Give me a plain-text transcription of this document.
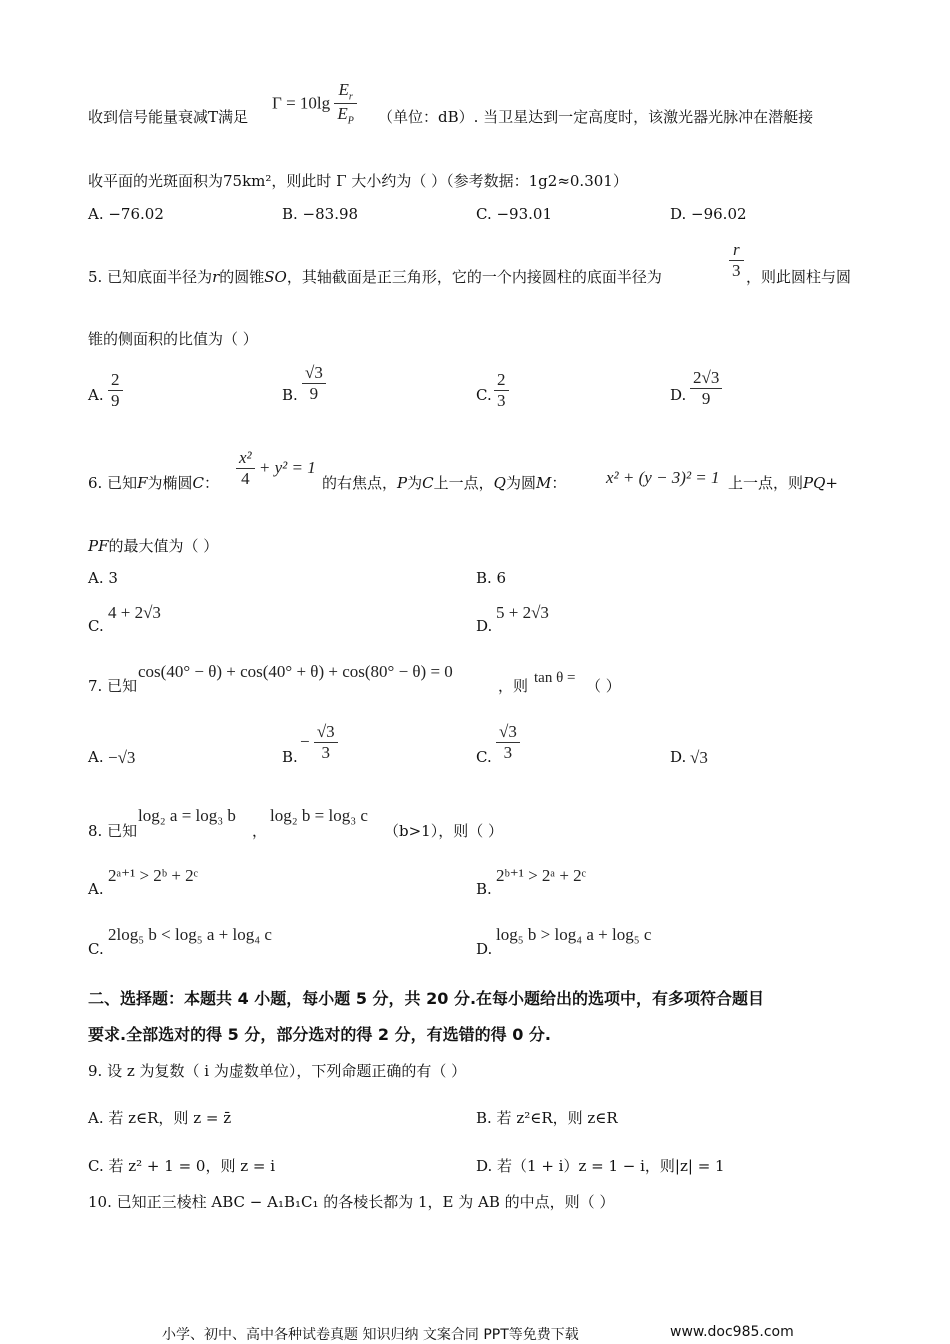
收到信号能量衰减T满足
$\Gamma = 10\lg \frac{E_r}{E_P}$ （单位：dB）. 当卫星达到一定高度时，该激光器光脉冲在潜艇接
收平面的光斑面积为75km²，则此时 Γ 大小约为（ ）（参考数据：1g2≈0.301）
A. −76.02	B. −83.98	C. −93.01	D. −96.02
5. 已知底面半径为r的圆锥SO，其轴截面是正三角形，它的一个内接圆柱的底面半径为	$\frac{r}{3}$ ，则此圆柱与圆
锥的侧面积的比值为（ ）
A. $\frac{2}{9}$	B. $\frac{√3}{9}$	C. $\frac{2}{3}$	D. $\frac{2√3}{9}$
6. 已知F为椭圆C： $\frac{\text{x²}}{4} + y^2 = 1$
的右焦点，P为C上一点，Q为圆M： x² + (y − 3)² = 1 上一点，则PQ+
PF的最大值为（ ）
A. 3	B. 6
C.
4 + 2√3
D.
5 + 2√3
7. 已知
cos(40° − θ) + cos(40° + θ) + cos(80° − θ) = 0
，则 tan θ = （ ）
A. −√3	B.
− $\frac{√3}{3}$	C. $\frac{√3}{3}$	D. √3
8. 已知
log₂ a = log₃ b
，
log₂ b = log₃ c
（b>1），则（ ）
A.
2ᵃ⁺¹ > 2ᵇ + 2ᶜ
B.
2ᵇ⁺¹ > 2ᵃ + 2ᶜ
C.
2log₅ b < log₅ a + log₄ c
D.
log₅ b > log₄ a + log₅ c
二、选择题：本题共 4 小题，每小题 5 分，共 20 分.在每小题给出的选项中，有多项符合题目
要求.全部选对的得 5 分，部分选对的得 2 分，有选错的得 0 分.
9. 设 z 为复数（ i 为虚数单位），下列命题正确的有（ ）
A. 若 z∈R，则 z = z̄	B. 若 z²∈R，则 z∈R
C. 若 z² + 1 = 0，则 z = i	D. 若（1 + i）z = 1 − i，则|z| = 1
10. 已知正三棱柱 ABC − A₁B₁C₁ 的各棱长都为 1，E 为 AB 的中点，则（ ）
小学、初中、高中各种试卷真题 知识归纳 文案合同 PPT等免费下载	www.doc985.com
